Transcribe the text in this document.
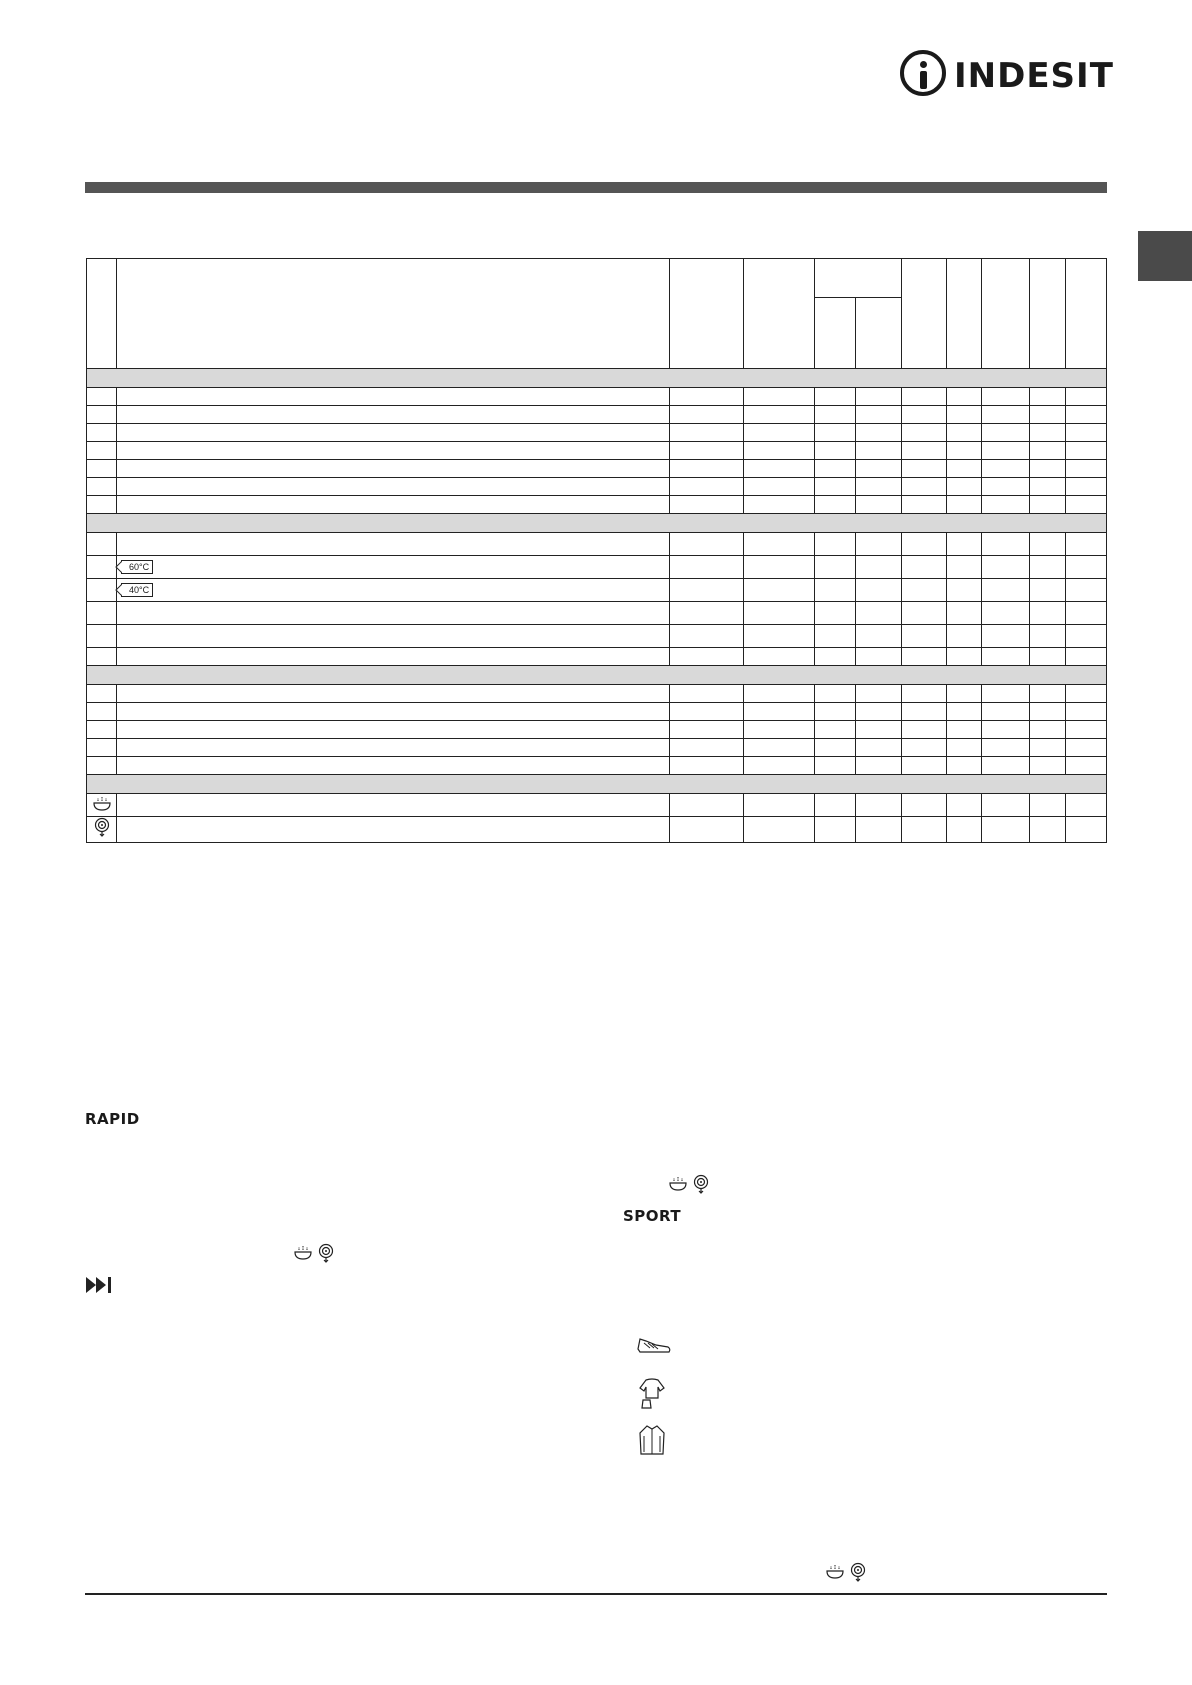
INDESIT

	60°C									
	40°C									

RAPID
SPORT
